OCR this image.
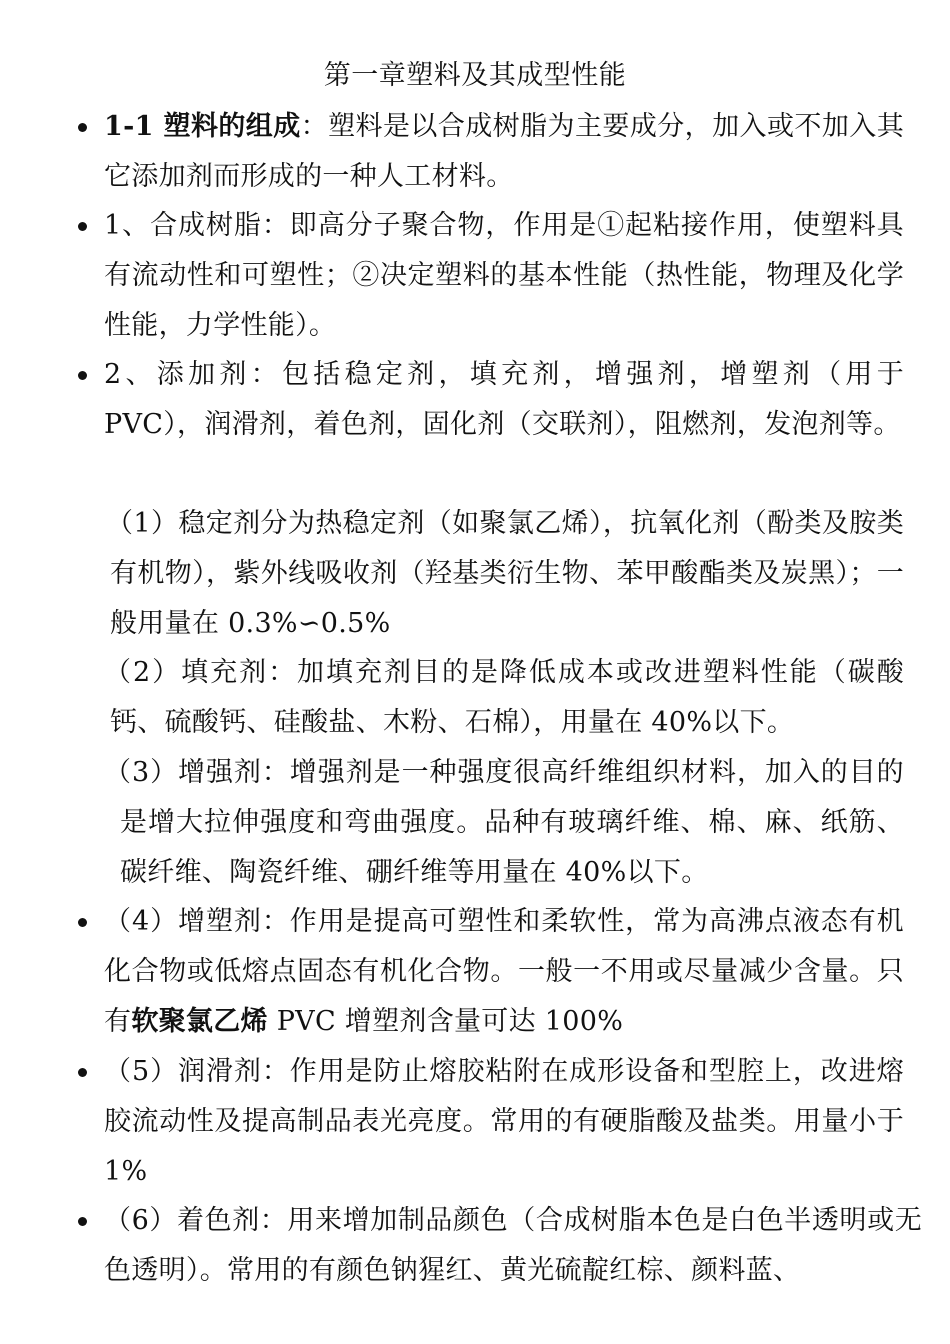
第一章塑料及其成型性能
1-1 塑料的组成：塑料是以合成树脂为主要成分，加入或不加入其它添加剂而形成的一种人工材料。
1、合成树脂：即高分子聚合物，作用是①起粘接作用，使塑料具有流动性和可塑性；②决定塑料的基本性能（热性能，物理及化学性能，力学性能）。
2、添加剂：包括稳定剂，填充剂，增强剂，增塑剂（用于PVC），润滑剂，着色剂，固化剂（交联剂），阻燃剂，发泡剂等。
（1）稳定剂分为热稳定剂（如聚氯乙烯），抗氧化剂（酚类及胺类有机物），紫外线吸收剂（羟基类衍生物、苯甲酸酯类及炭黑）；一般用量在 0.3%∽0.5%
（2）填充剂：加填充剂目的是降低成本或改进塑料性能（碳酸钙、硫酸钙、硅酸盐、木粉、石棉），用量在 40%以下。
（3）增强剂：增强剂是一种强度很高纤维组织材料，加入的目的是增大拉伸强度和弯曲强度。品种有玻璃纤维、棉、麻、纸筋、碳纤维、陶瓷纤维、硼纤维等用量在 40%以下。
（4）增塑剂：作用是提高可塑性和柔软性，常为高沸点液态有机化合物或低熔点固态有机化合物。一般一不用或尽量减少含量。只有软聚氯乙烯 PVC 增塑剂含量可达 100%
（5）润滑剂：作用是防止熔胶粘附在成形设备和型腔上，改进熔胶流动性及提高制品表光亮度。常用的有硬脂酸及盐类。用量小于 1%
（6）着色剂：用来增加制品颜色（合成树脂本色是白色半透明或无色透明）。常用的有颜色钠猩红、黄光硫靛红棕、颜料蓝、
